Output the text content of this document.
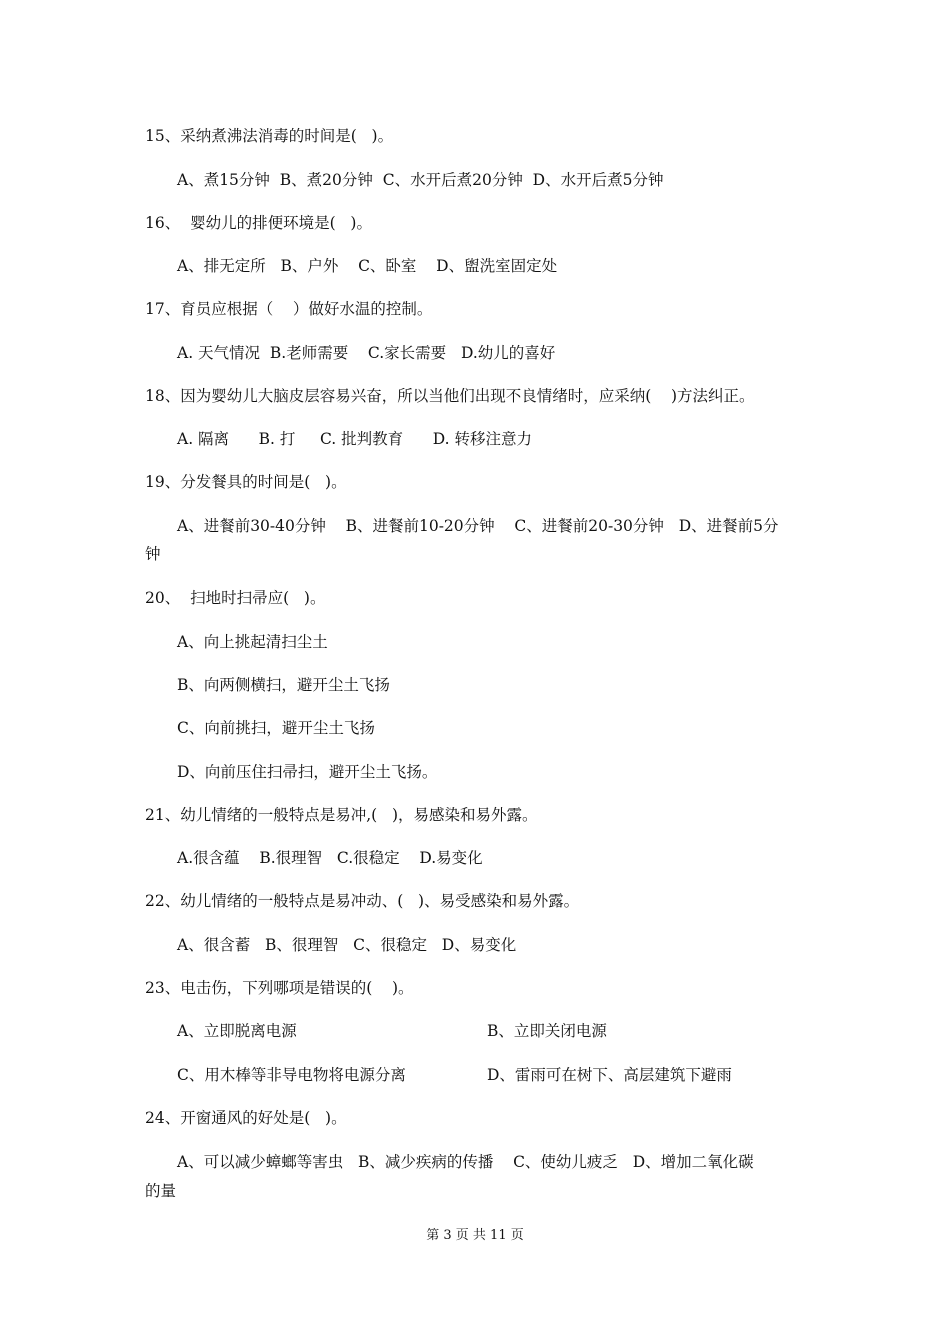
15、采纳煮沸法消毒的时间是(   )。
A、煮15分钟  B、煮20分钟  C、水开后煮20分钟  D、水开后煮5分钟
16、  婴幼儿的排便环境是(   )。
A、排无定所   B、户外    C、卧室    D、盥洗室固定处
17、育员应根据（    ）做好水温的控制。
A. 天气情况  B.老师需要    C.家长需要   D.幼儿的喜好
18、因为婴幼儿大脑皮层容易兴奋，所以当他们出现不良情绪时，应采纳(    )方法纠正。
A. 隔离      B. 打     C. 批判教育      D. 转移注意力
19、分发餐具的时间是(   )。
A、进餐前30-40分钟    B、进餐前10-20分钟    C、进餐前20-30分钟   D、进餐前5分
钟
20、  扫地时扫帚应(   )。
A、向上挑起清扫尘土
B、向两侧横扫，避开尘土飞扬
C、向前挑扫，避开尘土飞扬
D、向前压住扫帚扫，避开尘土飞扬。
21、幼儿情绪的一般特点是易冲,(   )，易感染和易外露。
A.很含蕴    B.很理智   C.很稳定    D.易变化
22、幼儿情绪的一般特点是易冲动、(   )、易受感染和易外露。
A、很含蓄   B、很理智   C、很稳定   D、易变化
23、电击伤，下列哪项是错误的(    )。
A、立即脱离电源	B、立即关闭电源
C、用木棒等非导电物将电源分离	D、雷雨可在树下、高层建筑下避雨
24、开窗通风的好处是(   )。
A、可以减少蟑螂等害虫   B、减少疾病的传播    C、使幼儿疲乏   D、增加二氧化碳
的量
第 3 页 共 11 页
